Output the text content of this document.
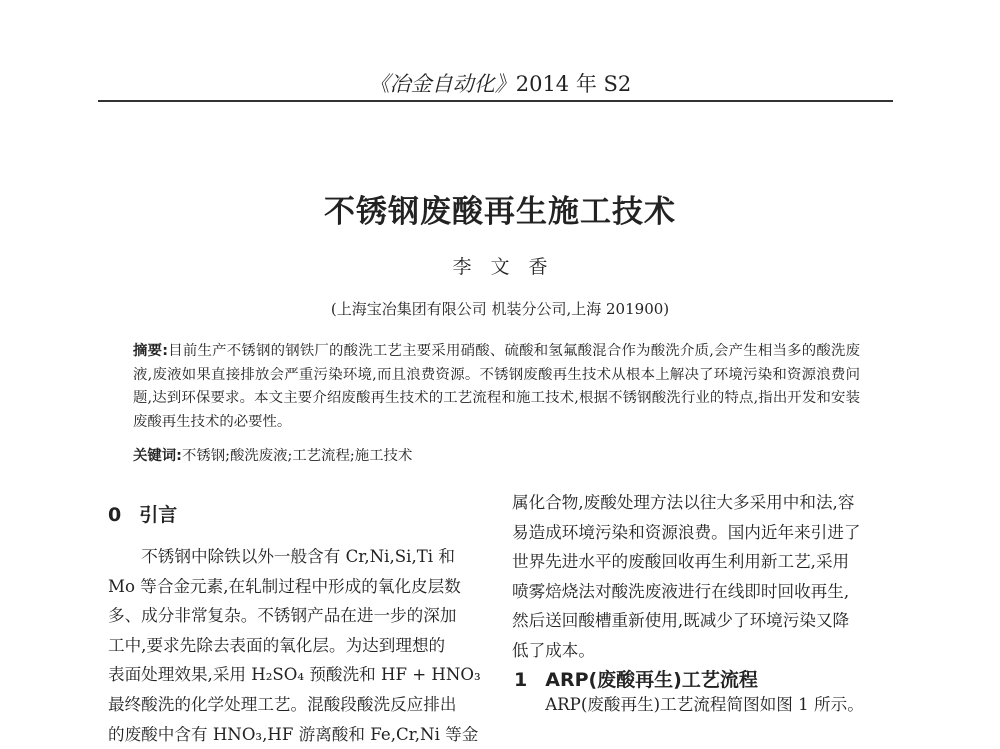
《冶金自动化》2014 年 S2
不锈钢废酸再生施工技术
李　文　香
(上海宝冶集团有限公司 机装分公司,上海 201900)
摘要:目前生产不锈钢的钢铁厂的酸洗工艺主要采用硝酸、硫酸和氢氟酸混合作为酸洗介质,会产生相当多的酸洗废液,废液如果直接排放会严重污染环境,而且浪费资源。不锈钢废酸再生技术从根本上解决了环境污染和资源浪费问题,达到环保要求。本文主要介绍废酸再生技术的工艺流程和施工技术,根据不锈钢酸洗行业的特点,指出开发和安装废酸再生技术的必要性。
关键词:不锈钢;酸洗废液;工艺流程;施工技术
0 引言
不锈钢中除铁以外一般含有 Cr,Ni,Si,Ti 和
Mo 等合金元素,在轧制过程中形成的氧化皮层数
多、成分非常复杂。不锈钢产品在进一步的深加
工中,要求先除去表面的氧化层。为达到理想的
表面处理效果,采用 H₂SO₄ 预酸洗和 HF + HNO₃
最终酸洗的化学处理工艺。混酸段酸洗反应排出
的废酸中含有 HNO₃,HF 游离酸和 Fe,Cr,Ni 等金
属化合物,废酸处理方法以往大多采用中和法,容
易造成环境污染和资源浪费。国内近年来引进了
世界先进水平的废酸回收再生利用新工艺,采用
喷雾焙烧法对酸洗废液进行在线即时回收再生,
然后送回酸槽重新使用,既减少了环境污染又降
低了成本。
1 ARP(废酸再生)工艺流程
ARP(废酸再生)工艺流程简图如图 1 所示。
